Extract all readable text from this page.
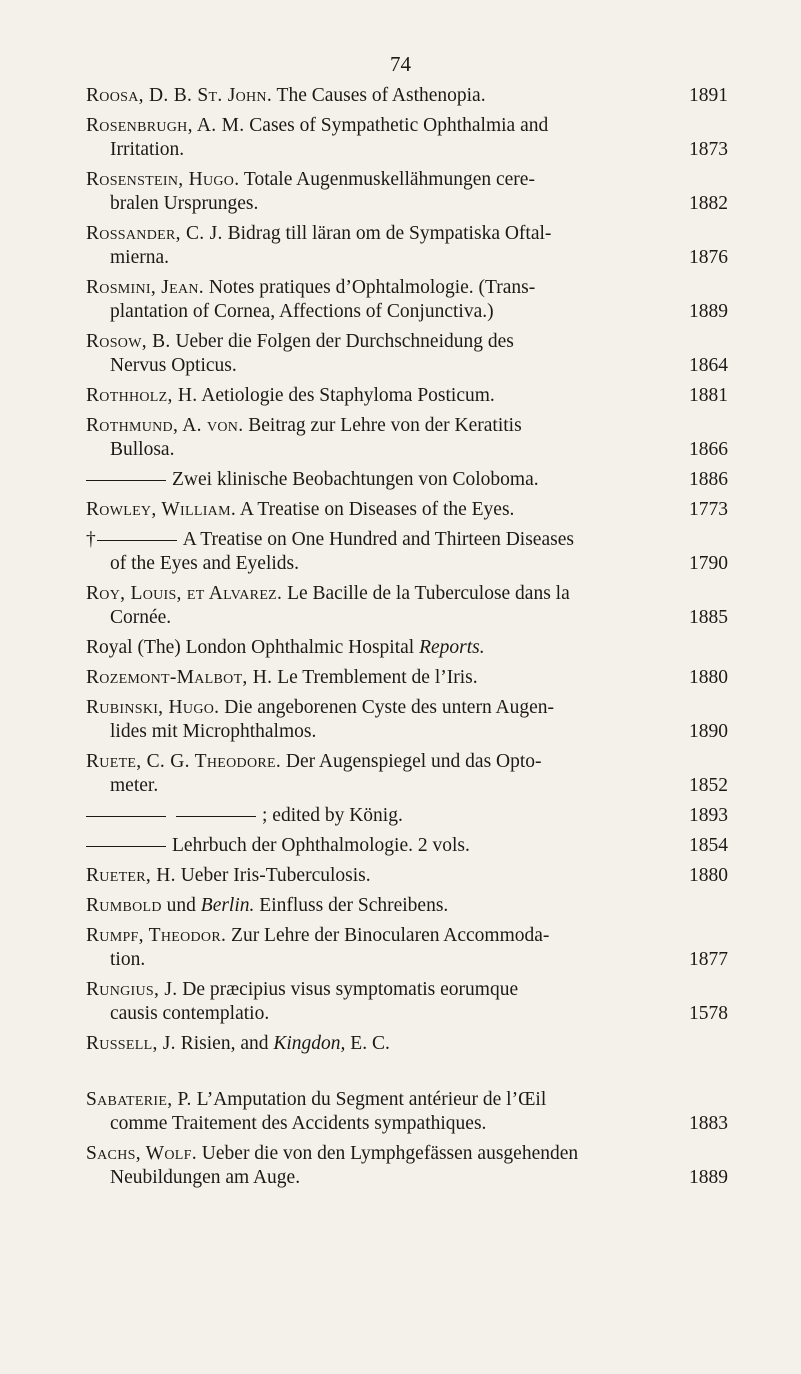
74
Roosa, D. B. St. John. The Causes of Asthenopia.	1891
Rosenbrugh, A. M. Cases of Sympathetic Ophthalmia and
Irritation.	1873
Rosenstein, Hugo. Totale Augenmuskellähmungen cere-
bralen Ursprunges.	1882
Rossander, C. J. Bidrag till läran om de Sympatiska Oftal-
mierna.	1876
Rosmini, Jean. Notes pratiques d’Ophtalmologie. (Trans-
plantation of Cornea, Affections of Conjunctiva.)	1889
Rosow, B. Ueber die Folgen der Durchschneidung des
Nervus Opticus.	1864
Rothholz, H. Aetiologie des Staphyloma Posticum.	1881
Rothmund, A. von. Beitrag zur Lehre von der Keratitis
Bullosa.	1866
Zwei klinische Beobachtungen von Coloboma.	1886
Rowley, William. A Treatise on Diseases of the Eyes.	1773
†	A Treatise on One Hundred and Thirteen Diseases
of the Eyes and Eyelids.	1790
Roy, Louis, et Alvarez. Le Bacille de la Tuberculose dans la
Cornée.	1885
Royal (The) London Ophthalmic Hospital Reports.
Rozemont-Malbot, H. Le Tremblement de l’Iris.	1880
Rubinski, Hugo. Die angeborenen Cyste des untern Augen-
lides mit Microphthalmos.	1890
Ruete, C. G. Theodore. Der Augenspiegel und das Opto-
meter.	1852
; edited by König.	1893
Lehrbuch der Ophthalmologie. 2 vols.	1854
Rueter, H. Ueber Iris-Tuberculosis.	1880
Rumbold und Berlin. Einfluss der Schreibens.
Rumpf, Theodor. Zur Lehre der Binocularen Accommoda-
tion.	1877
Rungius, J. De præcipius visus symptomatis eorumque
causis contemplatio.	1578
Russell, J. Risien, and Kingdon, E. C.
Sabaterie, P. L’Amputation du Segment antérieur de l’Œil
comme Traitement des Accidents sympathiques.	1883
Sachs, Wolf. Ueber die von den Lymphgefässen ausgehenden
Neubildungen am Auge.	1889
